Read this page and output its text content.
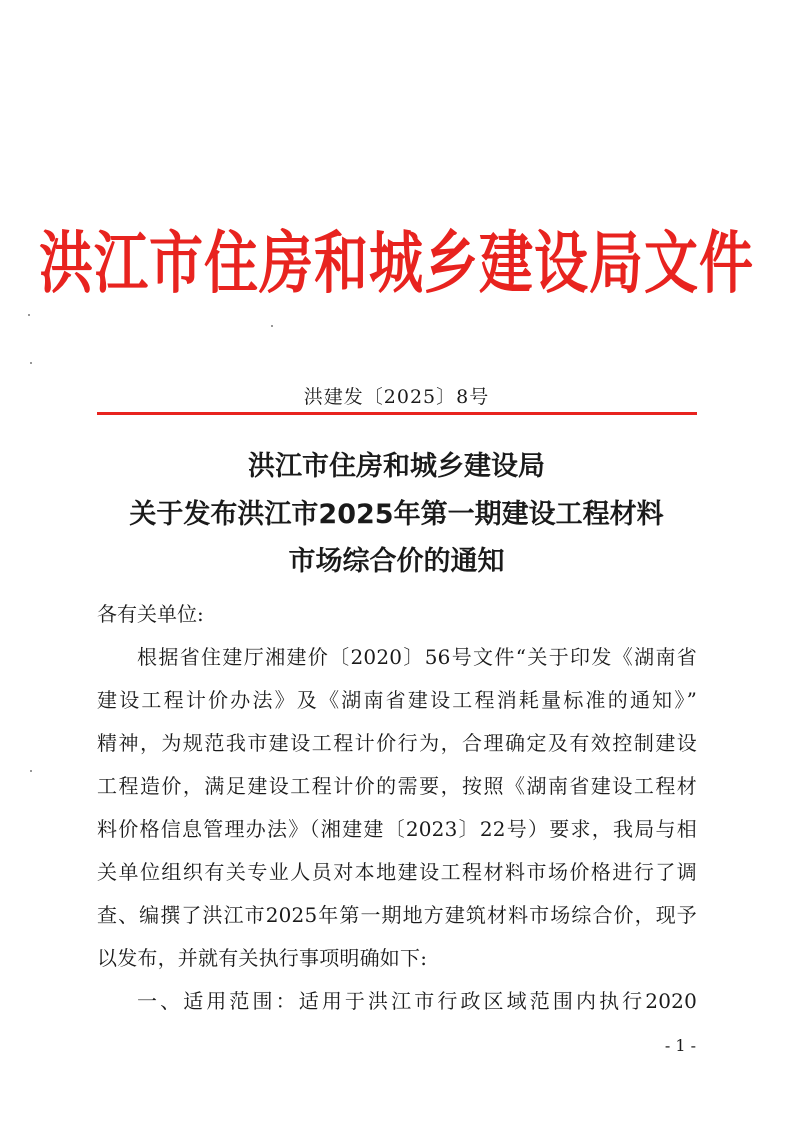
洪江市住房和城乡建设局文件
洪建发〔2025〕8号
洪江市住房和城乡建设局
关于发布洪江市2025年第一期建设工程材料
市场综合价的通知
各有关单位:
根据省住建厅湘建价〔2020〕56号文件“关于印发《湖南省
建设工程计价办法》及《湖南省建设工程消耗量标准的通知》”
精神，为规范我市建设工程计价行为，合理确定及有效控制建设
工程造价，满足建设工程计价的需要，按照《湖南省建设工程材
料价格信息管理办法》（湘建建〔2023〕22号）要求，我局与相
关单位组织有关专业人员对本地建设工程材料市场价格进行了调
查、编撰了洪江市2025年第一期地方建筑材料市场综合价，现予
以发布，并就有关执行事项明确如下:
一、适用范围：适用于洪江市行政区域范围内执行2020
- 1 -
